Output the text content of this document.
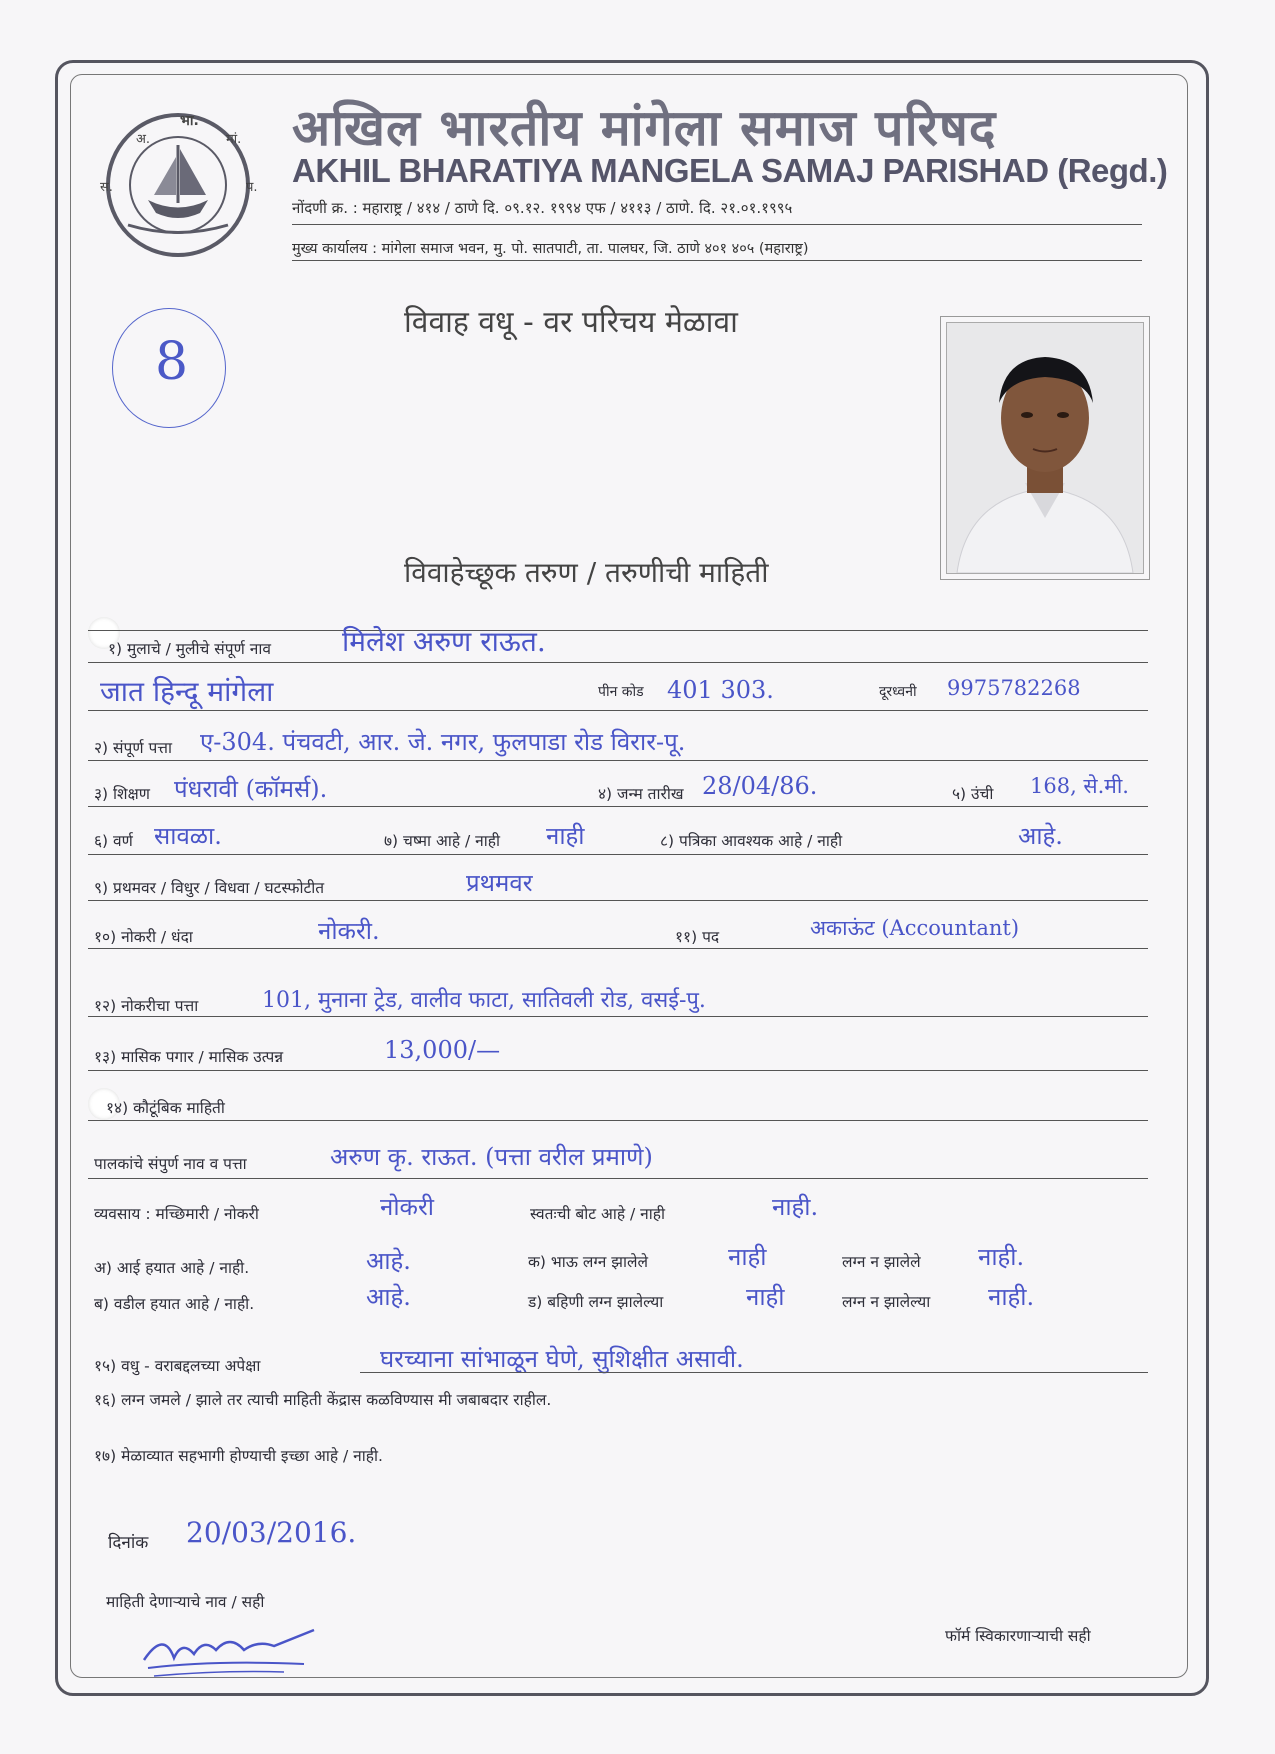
भा.
अ.	मां.
स.	प.
अखिल भारतीय मांगेला समाज परिषद
AKHIL BHARATIYA MANGELA SAMAJ PARISHAD (Regd.)
नोंदणी क्र. : महाराष्ट्र / ४१४ / ठाणे दि. ०९.१२. १९९४ एफ / ४११३ / ठाणे. दि. २१.०१.१९९५
मुख्य कार्यालय : मांगेला समाज भवन, मु. पो. सातपाटी, ता. पालघर, जि. ठाणे ४०१ ४०५ (महाराष्ट्र)
विवाह वधू - वर परिचय मेळावा
8
विवाहेच्छूक तरुण / तरुणीची माहिती
१) मुलाचे / मुलीचे संपूर्ण नाव	मिलेश अरुण राऊत.
जात हिन्दू मांगेला	पीन कोड 401 303.	दूरध्वनी 9975782268
२) संपूर्ण पत्ता ए-304. पंचवटी, आर. जे. नगर, फुलपाडा रोड विरार-पू.
३) शिक्षण पंधरावी (कॉमर्स).	४) जन्म तारीख 28/04/86.	५) उंची 168, से.मी.
६) वर्ण सावळा.	७) चष्मा आहे / नाही नाही	८) पत्रिका आवश्यक आहे / नाही	आहे.
९) प्रथमवर / विधुर / विधवा / घटस्फोटीत	प्रथमवर
१०) नोकरी / धंदा	नोकरी.	११) पद	अकाऊंट (Accountant)
१२) नोकरीचा पत्ता	101, मुनाना ट्रेड, वालीव फाटा, सातिवली रोड, वसई-पु.
१३) मासिक पगार / मासिक उत्पन्न	13,000/—
१४) कौटूंबिक माहिती
पालकांचे संपुर्ण नाव व पत्ता	अरुण कृ. राऊत. (पत्ता वरील प्रमाणे)
व्यवसाय : मच्छिमारी / नोकरी	नोकरी	स्वतःची बोट आहे / नाही	नाही.
अ) आई हयात आहे / नाही.	आहे.	क) भाऊ लग्न झालेले	नाही	लग्न न झालेले नाही.
ब) वडील हयात आहे / नाही.	आहे.	ड) बहिणी लग्न झालेल्या	नाही	लग्न न झालेल्या नाही.
१५) वधु - वराबद्दलच्या अपेक्षा	घरच्याना सांभाळून घेणे, सुशिक्षीत असावी.
१६) लग्न जमले / झाले तर त्याची माहिती केंद्रास कळविण्यास मी जबाबदार राहील.
१७) मेळाव्यात सहभागी होण्याची इच्छा आहे / नाही.
दिनांक 20/03/2016.
माहिती देणाऱ्याचे नाव / सही
फॉर्म स्विकारणाऱ्याची सही
